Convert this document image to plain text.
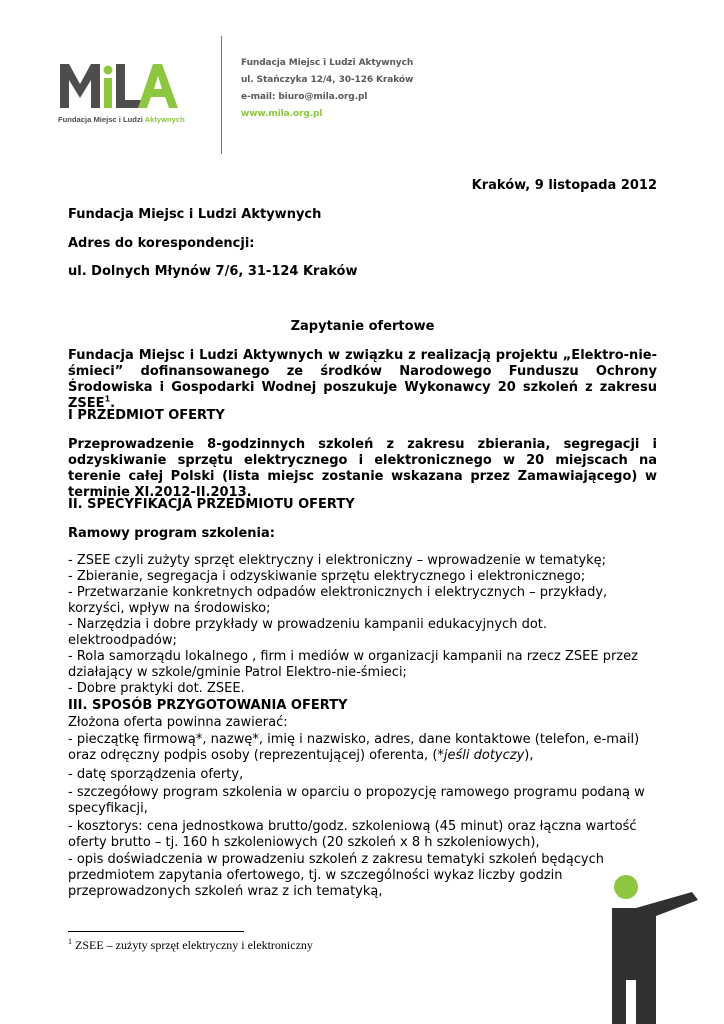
Fundacja Miejsc i Ludzi Aktywnych
Fundacja Miejsc i Ludzi Aktywnych
ul. Stańczyka 12/4, 30-126 Kraków
e-mail: biuro@mila.org.pl
www.mila.org.pl
Kraków, 9 listopada 2012
Fundacja Miejsc i Ludzi Aktywnych
Adres do korespondencji:
ul. Dolnych Młynów 7/6, 31-124 Kraków
Zapytanie ofertowe
Fundacja Miejsc i Ludzi Aktywnych w związku z realizacją projektu „Elektro-nie-śmieci” dofinansowanego ze środków Narodowego Funduszu Ochrony Środowiska i Gospodarki Wodnej poszukuje Wykonawcy 20 szkoleń z zakresu ZSEE$^1$.
I PRZEDMIOT OFERTY
Przeprowadzenie 8-godzinnych szkoleń z zakresu zbierania, segregacji i odzyskiwanie sprzętu elektrycznego i elektronicznego w 20 miejscach na terenie całej Polski (lista miejsc zostanie wskazana przez Zamawiającego) w terminie XI.2012-II.2013.
II. SPECYFIKACJA PRZEDMIOTU OFERTY
Ramowy program szkolenia:
- ZSEE czyli zużyty sprzęt elektryczny i elektroniczny – wprowadzenie w tematykę;
- Zbieranie, segregacja i odzyskiwanie sprzętu elektrycznego i elektronicznego;
- Przetwarzanie konkretnych odpadów elektronicznych i elektrycznych – przykłady, korzyści, wpływ na środowisko;
- Narzędzia i dobre przykłady w prowadzeniu kampanii edukacyjnych dot. elektroodpadów;
- Rola samorządu lokalnego , firm i mediów w organizacji kampanii na rzecz ZSEE przez działający w szkole/gminie Patrol Elektro-nie-śmieci;
- Dobre praktyki dot. ZSEE.
III. SPOSÓB PRZYGOTOWANIA OFERTY
Złożona oferta powinna zawierać:
- pieczątkę firmową*, nazwę*, imię i nazwisko, adres, dane kontaktowe (telefon, e-mail) oraz odręczny podpis osoby (reprezentującej) oferenta, (*jeśli dotyczy),
- datę sporządzenia oferty,
- szczegółowy program szkolenia w oparciu o propozycję ramowego programu podaną w specyfikacji,
- kosztorys: cena jednostkowa brutto/godz. szkoleniową (45 minut) oraz łączna wartość oferty brutto – tj. 160 h szkoleniowych (20 szkoleń x 8 h szkoleniowych),
- opis doświadczenia w prowadzeniu szkoleń z zakresu tematyki szkoleń będących przedmiotem zapytania ofertowego, tj. w szczególności wykaz liczby godzin przeprowadzonych szkoleń wraz z ich tematyką,
$^1$ ZSEE – zużyty sprzęt elektryczny i elektroniczny
